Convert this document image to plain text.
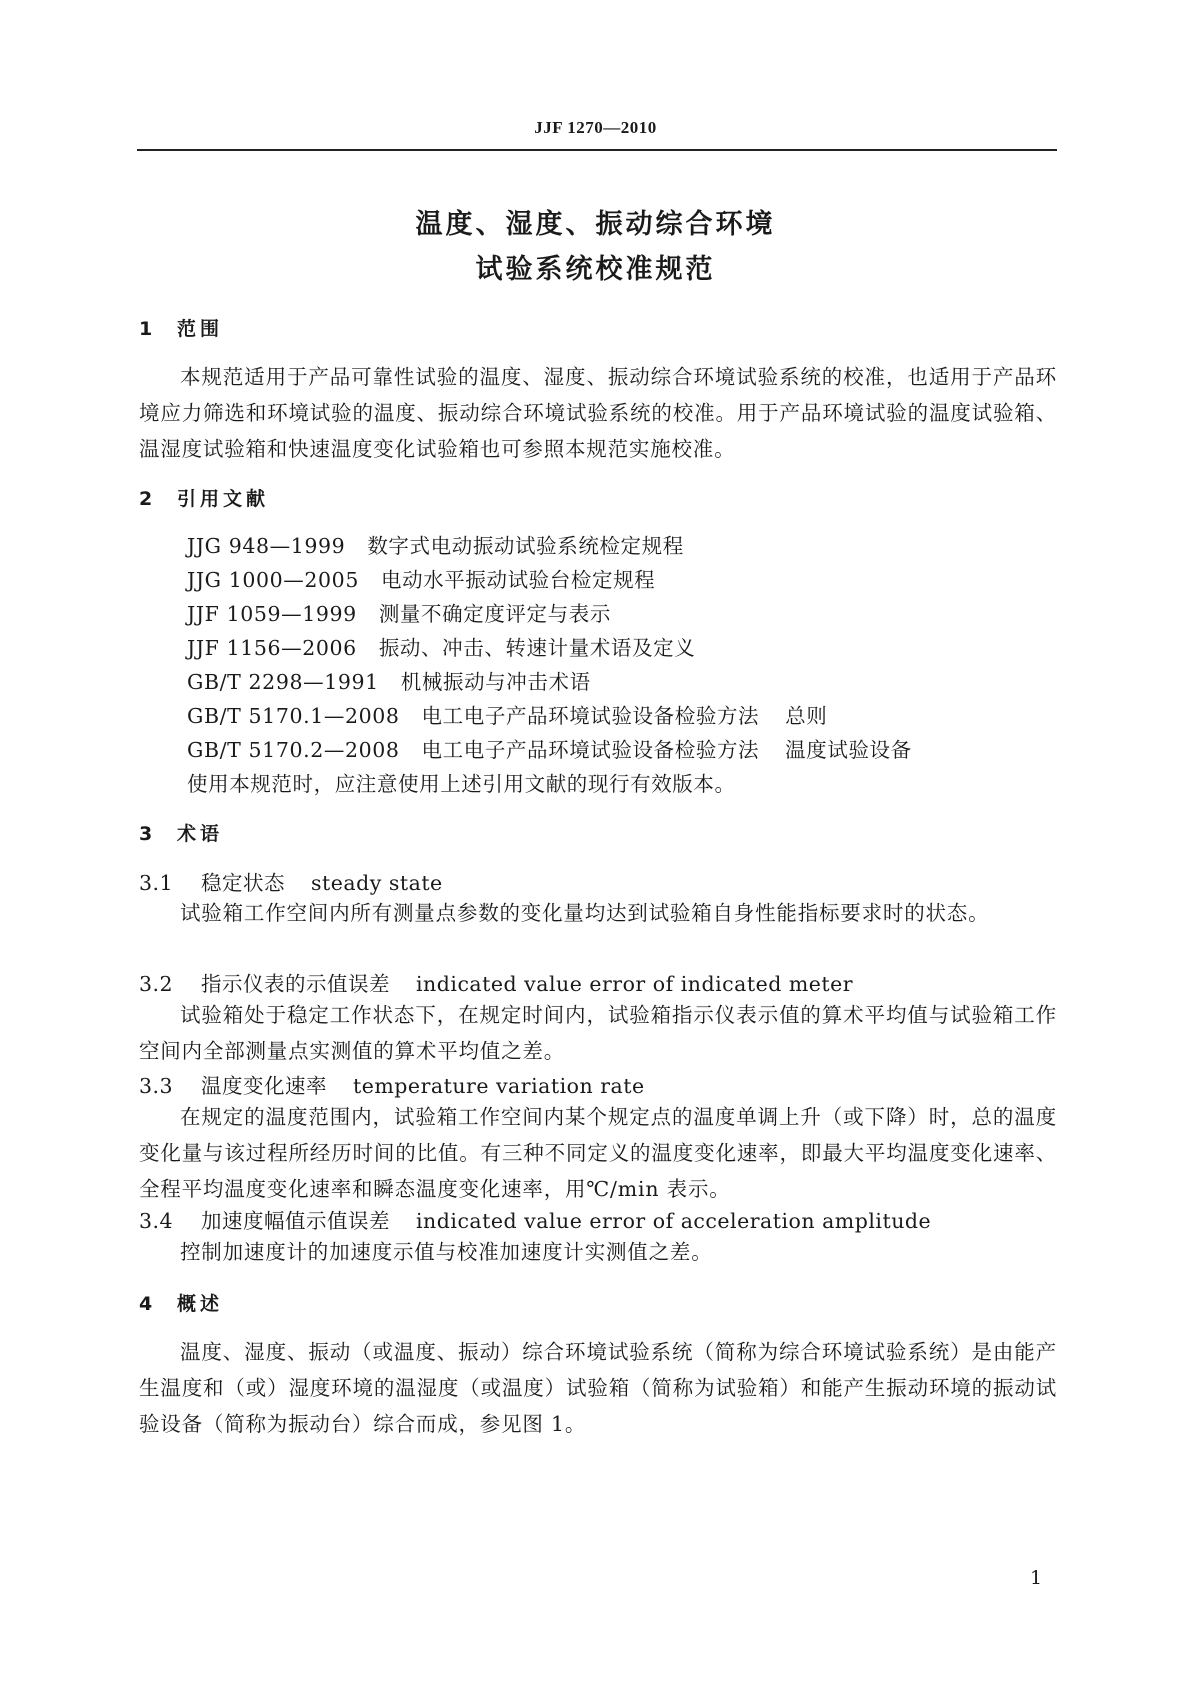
JJF 1270—2010
温度、湿度、振动综合环境
试验系统校准规范
1 范围
本规范适用于产品可靠性试验的温度、湿度、振动综合环境试验系统的校准，也适用于产品环境应力筛选和环境试验的温度、振动综合环境试验系统的校准。用于产品环境试验的温度试验箱、温湿度试验箱和快速温度变化试验箱也可参照本规范实施校准。
2 引用文献
JJG 948—1999 数字式电动振动试验系统检定规程
JJG 1000—2005 电动水平振动试验台检定规程
JJF 1059—1999 测量不确定度评定与表示
JJF 1156—2006 振动、冲击、转速计量术语及定义
GB/T 2298—1991 机械振动与冲击术语
GB/T 5170.1—2008 电工电子产品环境试验设备检验方法 总则
GB/T 5170.2—2008 电工电子产品环境试验设备检验方法 温度试验设备
使用本规范时，应注意使用上述引用文献的现行有效版本。
3 术语
3.1 稳定状态 steady state
试验箱工作空间内所有测量点参数的变化量均达到试验箱自身性能指标要求时的状态。
3.2 指示仪表的示值误差 indicated value error of indicated meter
试验箱处于稳定工作状态下，在规定时间内，试验箱指示仪表示值的算术平均值与试验箱工作空间内全部测量点实测值的算术平均值之差。
3.3 温度变化速率 temperature variation rate
在规定的温度范围内，试验箱工作空间内某个规定点的温度单调上升（或下降）时，总的温度变化量与该过程所经历时间的比值。有三种不同定义的温度变化速率，即最大平均温度变化速率、全程平均温度变化速率和瞬态温度变化速率，用℃/min 表示。
3.4 加速度幅值示值误差 indicated value error of acceleration amplitude
控制加速度计的加速度示值与校准加速度计实测值之差。
4 概述
温度、湿度、振动（或温度、振动）综合环境试验系统（简称为综合环境试验系统）是由能产生温度和（或）湿度环境的温湿度（或温度）试验箱（简称为试验箱）和能产生振动环境的振动试验设备（简称为振动台）综合而成，参见图 1。
1
